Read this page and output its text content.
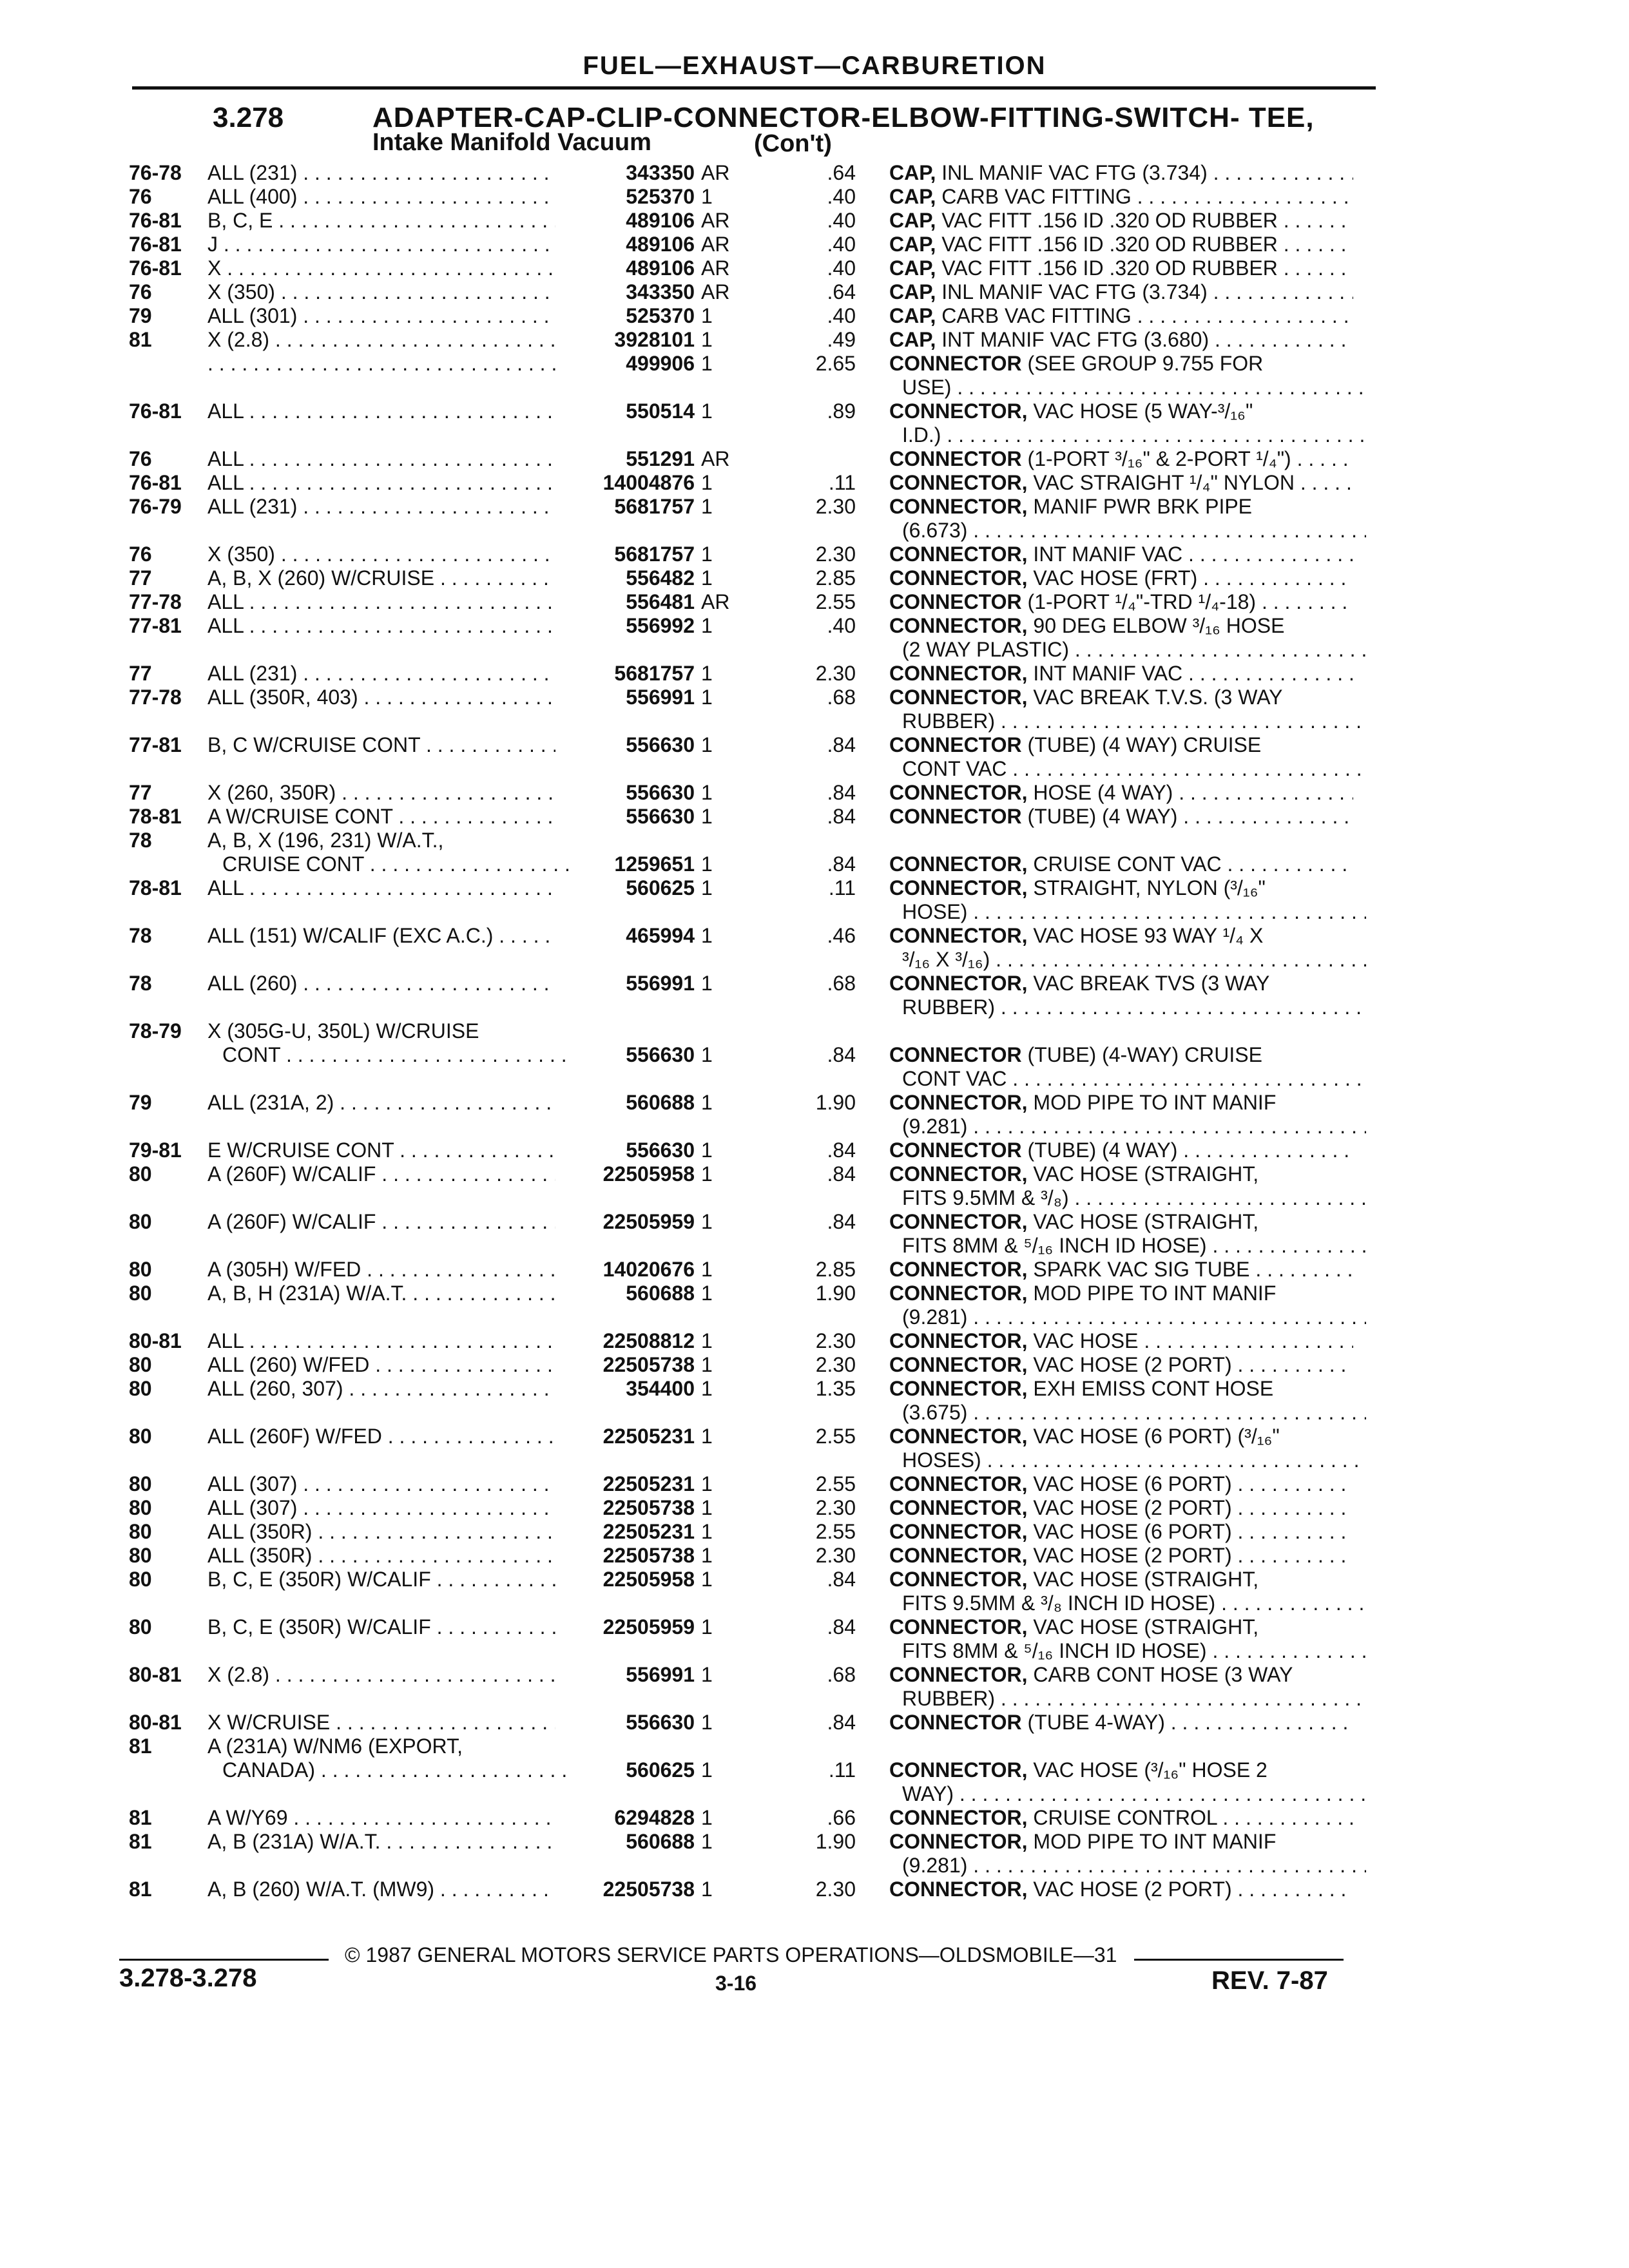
FUEL—EXHAUST—CARBURETION
3.278	ADAPTER-CAP-CLIP-CONNECTOR-ELBOW-FITTING-SWITCH- TEE,
Intake Manifold Vacuum	(Con't)
76-78 ALL (231) . . .	343350 AR	.64 CAP, INL MANIF VAC FTG (3.734) . . .
76	ALL (400) . . .	525370 1	.40 CAP, CARB VAC FITTING . . .
76-81 B, C, E . . .	489106 AR	.40 CAP, VAC FITT .156 ID .320 OD RUBBER . . .
76-81 J . . .	489106 AR	.40 CAP, VAC FITT .156 ID .320 OD RUBBER . . .
76-81 X . . .	489106 AR	.40 CAP, VAC FITT .156 ID .320 OD RUBBER . . .
76	X (350) . . .	343350 AR	.64 CAP, INL MANIF VAC FTG (3.734) . . .
79	ALL (301) . . .	525370 1	.40 CAP, CARB VAC FITTING . . .
81	X (2.8) . . .	3928101 1	.49 CAP, INT MANIF VAC FTG (3.680) . . .
. . .
499906 1	2.65 CONNECTOR (SEE GROUP 9.755 FOR
USE) . . .
76-81 ALL . . .	550514 1	.89 CONNECTOR, VAC HOSE (5 WAY-³/₁₆"
I.D.) . . .
76	ALL . . .	551291 AR	CONNECTOR (1-PORT ³/₁₆" & 2-PORT ¹/₄") . . .
76-81 ALL . . .	14004876 1	.11 CONNECTOR, VAC STRAIGHT ¹/₄" NYLON . . .
76-79 ALL (231) . . .	5681757 1	2.30 CONNECTOR, MANIF PWR BRK PIPE
(6.673) . . .
76	X (350) . . .	5681757 1	2.30 CONNECTOR, INT MANIF VAC . . .
77	A, B, X (260) W/CRUISE . . .	556482 1	2.85 CONNECTOR, VAC HOSE (FRT) . . .
77-78 ALL . . .	556481 AR	2.55 CONNECTOR (1-PORT ¹/₄"-TRD ¹/₄-18) . . .
77-81 ALL . . .	556992 1	.40 CONNECTOR, 90 DEG ELBOW ³/₁₆ HOSE
(2 WAY PLASTIC) . . .
77	ALL (231) . . .	5681757 1	2.30 CONNECTOR, INT MANIF VAC . . .
77-78 ALL (350R, 403) . . .	556991 1	.68 CONNECTOR, VAC BREAK T.V.S. (3 WAY
RUBBER) . . .
77-81 B, C W/CRUISE CONT . . .	556630 1	.84 CONNECTOR (TUBE) (4 WAY) CRUISE
CONT VAC . . .
77	X (260, 350R) . . .	556630 1	.84 CONNECTOR, HOSE (4 WAY) . . .
78-81 A W/CRUISE CONT . . .	556630 1	.84 CONNECTOR (TUBE) (4 WAY) . . .
78	A, B, X (196, 231) W/A.T.,
CRUISE CONT . . .	1259651 1	.84 CONNECTOR, CRUISE CONT VAC . . .
78-81 ALL . . .	560625 1	.11 CONNECTOR, STRAIGHT, NYLON (³/₁₆"
HOSE) . . .
78	ALL (151) W/CALIF (EXC A.C.) . . .	465994 1	.46 CONNECTOR, VAC HOSE 93 WAY ¹/₄ X
³/₁₆ X ³/₁₆) . . .
78	ALL (260) . . .	556991 1	.68 CONNECTOR, VAC BREAK TVS (3 WAY
RUBBER) . . .
78-79 X (305G-U, 350L) W/CRUISE
CONT . . .	556630 1	.84 CONNECTOR (TUBE) (4-WAY) CRUISE
CONT VAC . . .
79	ALL (231A, 2) . . .	560688 1	1.90 CONNECTOR, MOD PIPE TO INT MANIF
(9.281) . . .
79-81 E W/CRUISE CONT . . .	556630 1	.84 CONNECTOR (TUBE) (4 WAY) . . .
80	A (260F) W/CALIF . . .	22505958 1	.84 CONNECTOR, VAC HOSE (STRAIGHT,
FITS 9.5MM & ³/₈) . . .
80	A (260F) W/CALIF . . .	22505959 1	.84 CONNECTOR, VAC HOSE (STRAIGHT,
FITS 8MM & ⁵/₁₆ INCH ID HOSE) . . .
80	A (305H) W/FED . . .	14020676 1	2.85 CONNECTOR, SPARK VAC SIG TUBE . . .
80	A, B, H (231A) W/A.T. . . .	560688 1	1.90 CONNECTOR, MOD PIPE TO INT MANIF
(9.281) . . .
80-81 ALL . . .	22508812 1	2.30 CONNECTOR, VAC HOSE . . .
80	ALL (260) W/FED . . .	22505738 1	2.30 CONNECTOR, VAC HOSE (2 PORT) . . .
80	ALL (260, 307) . . .	354400 1	1.35 CONNECTOR, EXH EMISS CONT HOSE
(3.675) . . .
80	ALL (260F) W/FED . . .	22505231 1	2.55 CONNECTOR, VAC HOSE (6 PORT) (³/₁₆"
HOSES) . . .
80	ALL (307) . . .	22505231 1	2.55 CONNECTOR, VAC HOSE (6 PORT) . . .
80	ALL (307) . . .	22505738 1	2.30 CONNECTOR, VAC HOSE (2 PORT) . . .
80	ALL (350R) . . .	22505231 1	2.55 CONNECTOR, VAC HOSE (6 PORT) . . .
80	ALL (350R) . . .	22505738 1	2.30 CONNECTOR, VAC HOSE (2 PORT) . . .
80	B, C, E (350R) W/CALIF . . .	22505958 1	.84 CONNECTOR, VAC HOSE (STRAIGHT,
FITS 9.5MM & ³/₈ INCH ID HOSE) . . .
80	B, C, E (350R) W/CALIF . . .	22505959 1	.84 CONNECTOR, VAC HOSE (STRAIGHT,
FITS 8MM & ⁵/₁₆ INCH ID HOSE) . . .
80-81 X (2.8) . . .	556991 1	.68 CONNECTOR, CARB CONT HOSE (3 WAY
RUBBER) . . .
80-81 X W/CRUISE . . .	556630 1	.84 CONNECTOR (TUBE 4-WAY) . . .
81	A (231A) W/NM6 (EXPORT,
CANADA) . . .	560625 1	.11 CONNECTOR, VAC HOSE (³/₁₆" HOSE 2
WAY) . . .
81	A W/Y69 . . .	6294828 1	.66 CONNECTOR, CRUISE CONTROL . . .
81	A, B (231A) W/A.T. . . .	560688 1	1.90 CONNECTOR, MOD PIPE TO INT MANIF
(9.281) . . .
81	A, B (260) W/A.T. (MW9) . . .	22505738 1	2.30 CONNECTOR, VAC HOSE (2 PORT) . . .
© 1987 GENERAL MOTORS SERVICE PARTS OPERATIONS—OLDSMOBILE—31
3.278-3.278	3-16	REV. 7-87
